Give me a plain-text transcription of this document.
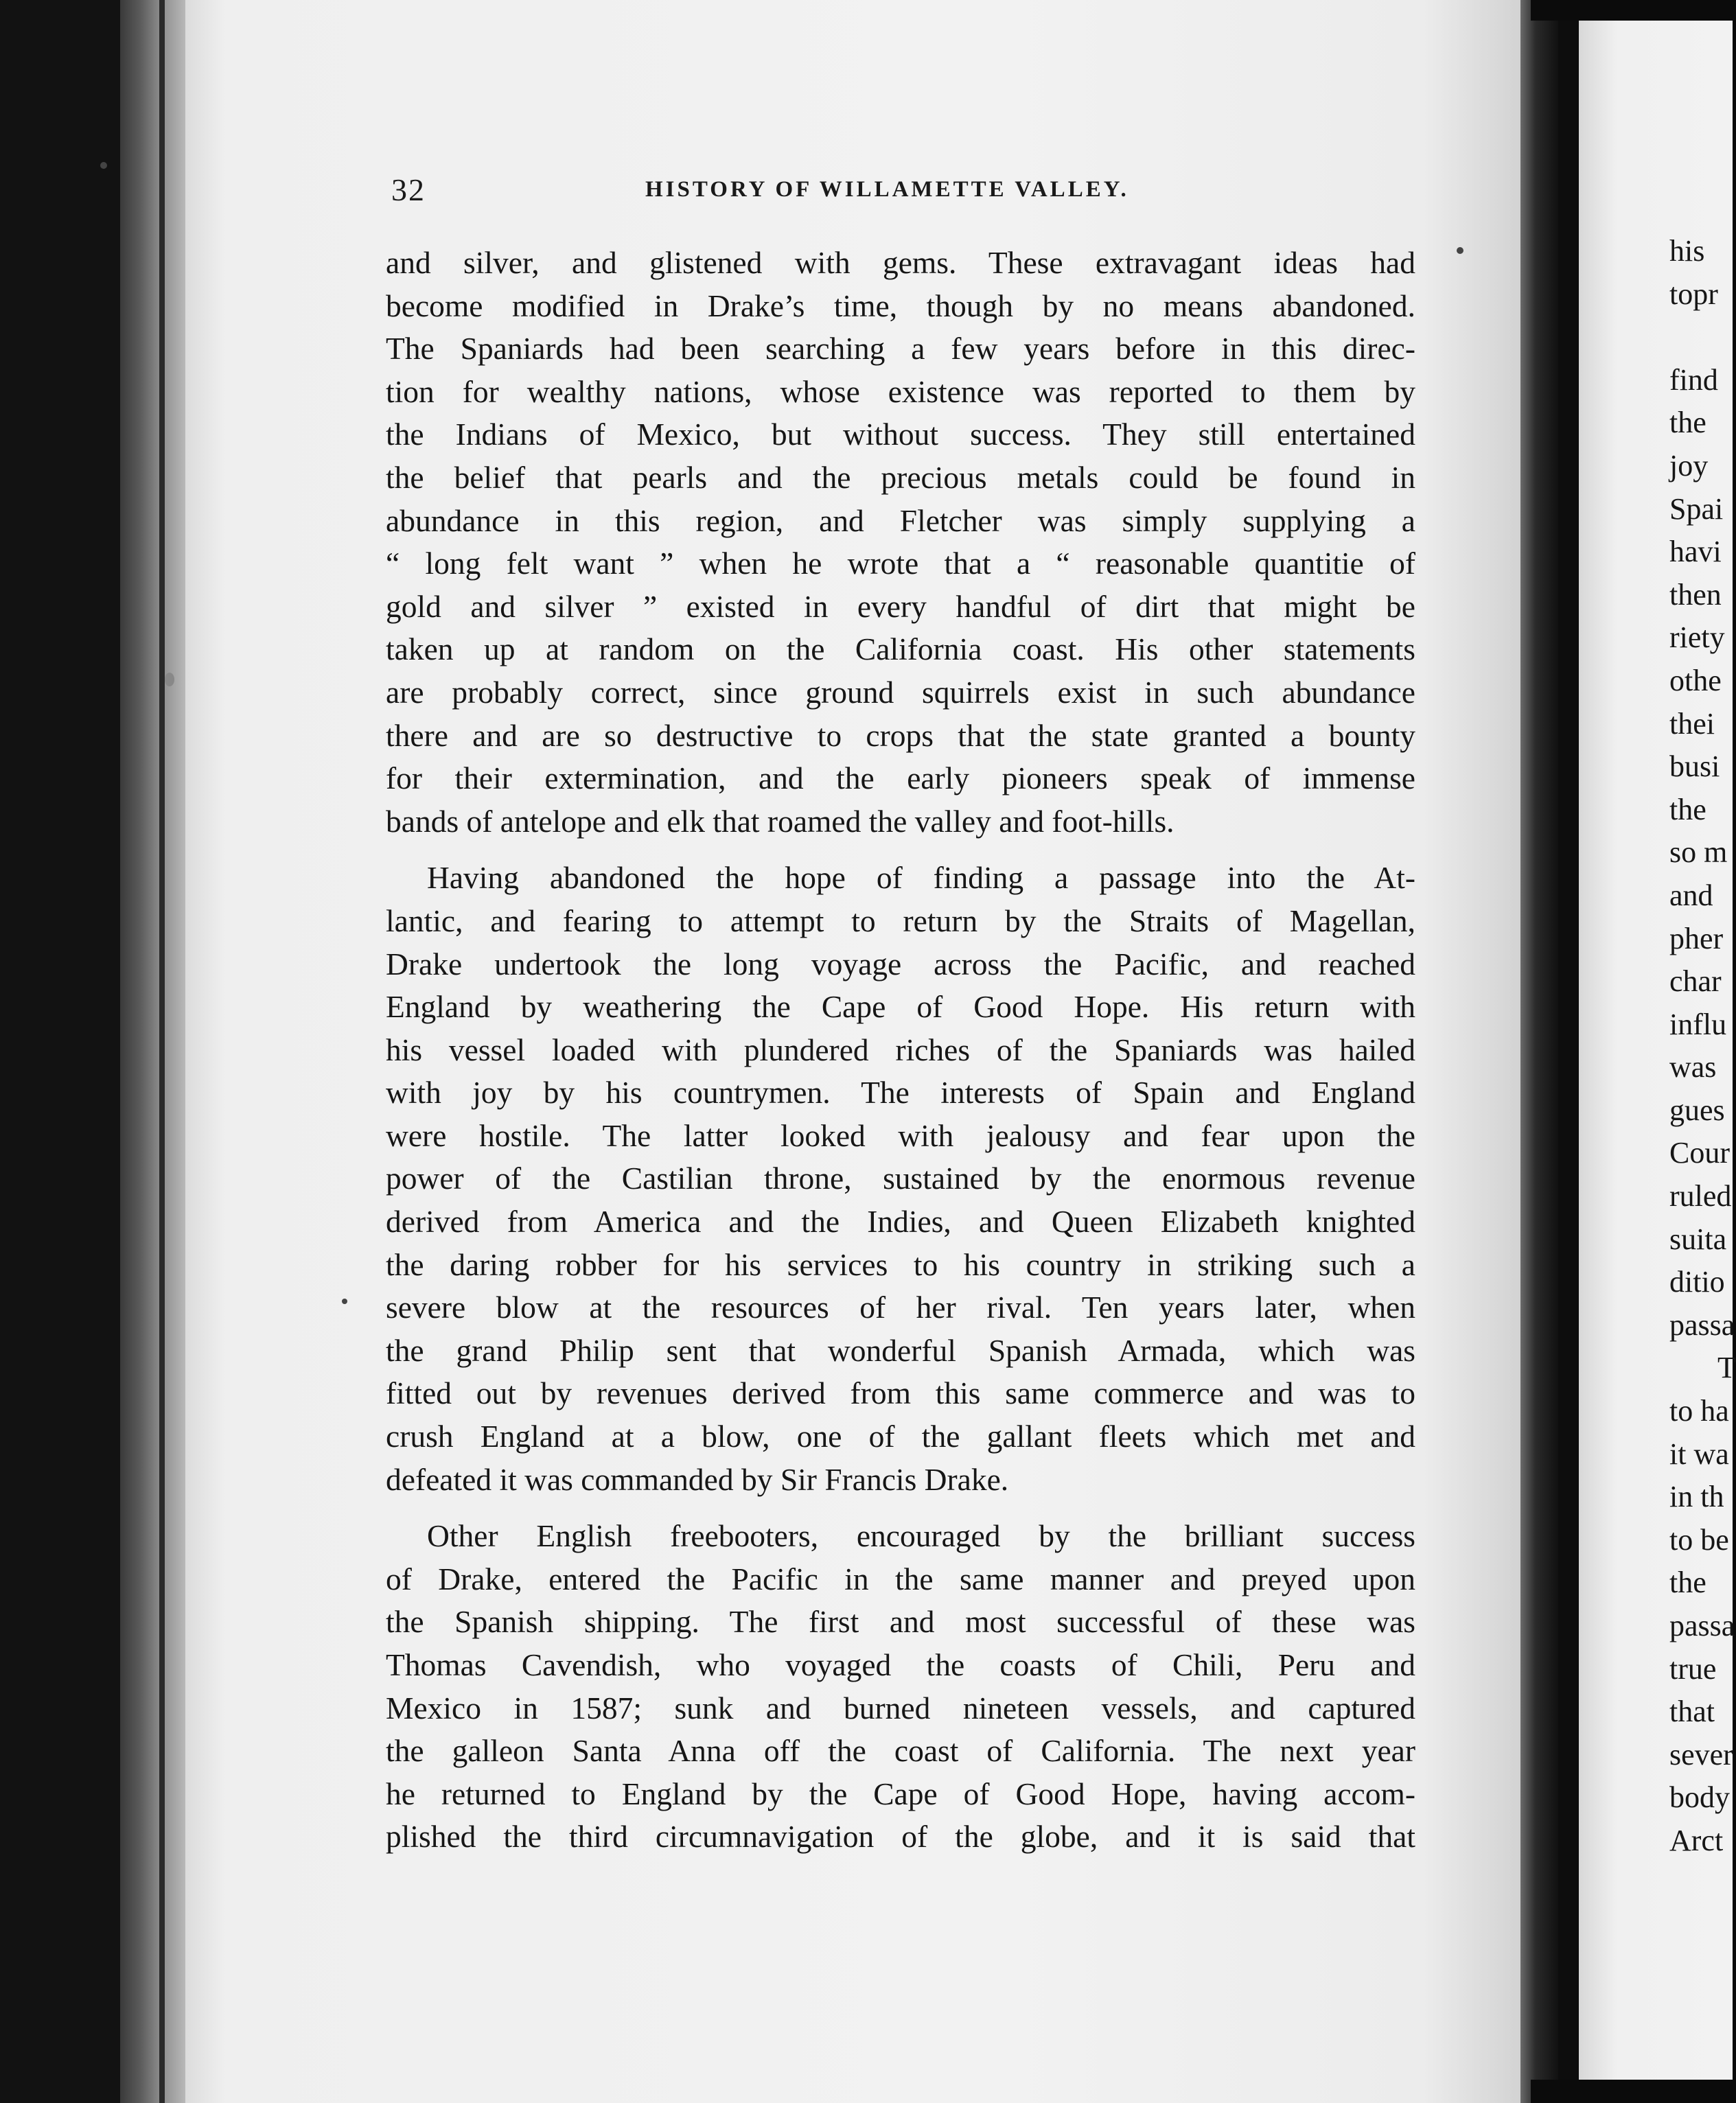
32	HISTORY OF WILLAMETTE VALLEY.
and silver, and glistened with gems. These extravagant ideas had
become modified in Drake’s time, though by no means abandoned.
The Spaniards had been searching a few years before in this direc-
tion for wealthy nations, whose existence was reported to them by
the Indians of Mexico, but without success. They still entertained
the belief that pearls and the precious metals could be found in
abundance in this region, and Fletcher was simply supplying a
“ long felt want ” when he wrote that a “ reasonable quantitie of
gold and silver ” existed in every handful of dirt that might be
taken up at random on the California coast. His other statements
are probably correct, since ground squirrels exist in such abundance
there and are so destructive to crops that the state granted a bounty
for their extermination, and the early pioneers speak of immense
bands of antelope and elk that roamed the valley and foot-hills.
Having abandoned the hope of finding a passage into the At-
lantic, and fearing to attempt to return by the Straits of Magellan,
Drake undertook the long voyage across the Pacific, and reached
England by weathering the Cape of Good Hope. His return with
his vessel loaded with plundered riches of the Spaniards was hailed
with joy by his countrymen. The interests of Spain and England
were hostile. The latter looked with jealousy and fear upon the
power of the Castilian throne, sustained by the enormous revenue
derived from America and the Indies, and Queen Elizabeth knighted
the daring robber for his services to his country in striking such a
severe blow at the resources of her rival. Ten years later, when
the grand Philip sent that wonderful Spanish Armada, which was
fitted out by revenues derived from this same commerce and was to
crush England at a blow, one of the gallant fleets which met and
defeated it was commanded by Sir Francis Drake.
Other English freebooters, encouraged by the brilliant success
of Drake, entered the Pacific in the same manner and preyed upon
the Spanish shipping. The first and most successful of these was
Thomas Cavendish, who voyaged the coasts of Chili, Peru and
Mexico in 1587; sunk and burned nineteen vessels, and captured
the galleon Santa Anna off the coast of California. The next year
he returned to England by the Cape of Good Hope, having accom-
plished the third circumnavigation of the globe, and it is said that
his
topr
find
the
joy
Spai
havi
then
riety
othe
thei
busi
the
so m
and
pher
char
influ
was
gues
Cour
ruled
suita
ditio
passa
T
to ha
it wa
in th
to be
the
passa
true
that
sever
body
Arct
